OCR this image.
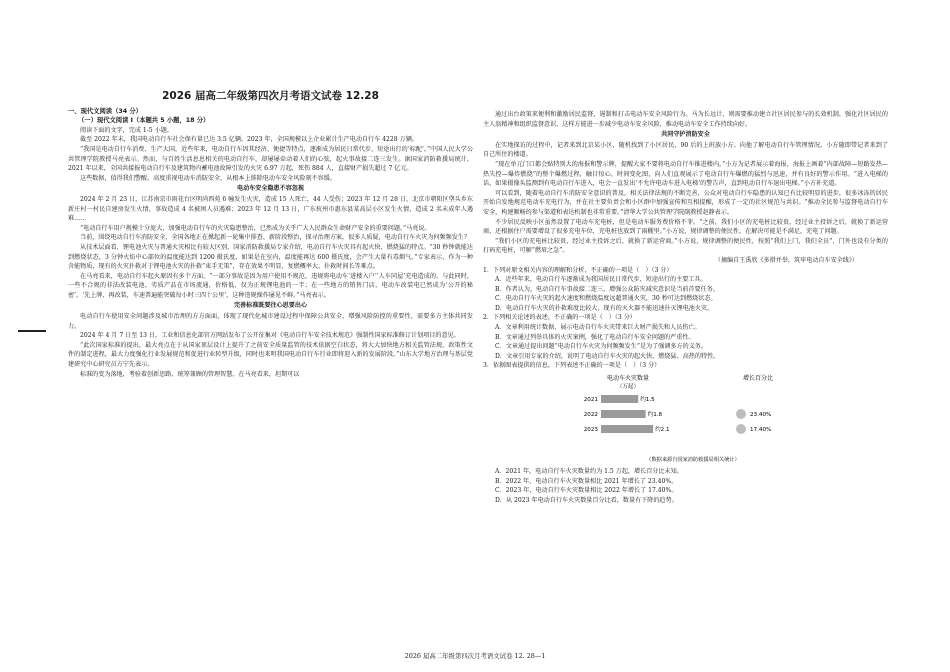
2026 届高二年级第四次月考语文试卷 12.28
一、现代文阅读（34 分）
（一）现代文阅读 I（本题共 5 小题，18 分）

阅读下面的文字，完成 1-5 小题。

截至 2022 年末，我国电动自行车社会保有量已达 3.5 亿辆。2023 年，全国规模以上企业累计生产电动自行车 4228 万辆。

“我国是电动自行车消费、生产大国，近些年来，电动自行车因其经济、便捷等特点，逐渐成为居民日常代步、短途出行的‘标配’。”中国人民大学公共管理学院教授马亮表示。然而，与百姓生活息息相关的电动自行车，却屡屡牵动着人们的心弦，起火事故接二连三发生。据国家消防救援局统计，2021 年以来，全国共接报电动自行车及建筑物内蓄电池故障引发的火灾 6.97 万起，死伤 884 人，直接财产损失超过 7 亿元。

这些数据，值得我们警醒。高度重视电动车消防安全，从根本上排除电动车安全风险刻不容缓。

电动车安全隐患不容忽视

2024 年 2 月 23 日，江苏南京市雨花台区明尚西苑 6 幢发生火灾，造成 15 人死亡，44 人受伤；2023 年 12 月 28 日，北京市朝阳区垡头乡东新庄村一村民自建房发生火情，事故造成 4 名被困人员遇难；2023 年 12 月 13 日，广东杭州市惠东县某高层小区发生火情，造成 2 名未成年人遇难……

“电动自行车用户规模十分庞大，加强电动自行车的火灾隐患整治，已然成为关乎广大人民群众生命财产安全的重要问题。”马亮说。

当前，围绕电动自行车消防安全，全国各地正在掀起新一轮集中排查、新阶段整治，探寻治理方案，很多人质疑，电动自行车火灾为何频频发生？

从技术层面看，锂电池火灾与普通火灾相比有较大区别，国家消防救援局专家介绍，电动自行车火灾具有起火快、燃烧猛的特点。“30 秒钟就能达到燃烧状态，3 分钟火焰中心部位的温度能达到 1200 摄氏度，如果是在室内，温度能再达 600 摄氏度，会产生大量有毒烟气。”专家表示，作为一种含能物质，现有的火灾扑救对于锂电池火灾的扑救“束手无策”，存在效果不明显、复燃概率大、扑救时间长等难点。

在马亮看来，电动自行车起火原因有多个方面。“一部分事故是因为用户使用不规范，违规将电动车‘进楼入户’‘人车同屋’充电造成的。与此同时，一些不合规的非法改装电池、劣质产品在市场流通，价格低、仅为正规锂电池的一半；在一些地方的销售门店，电动车改装电已然成为‘公开的秘密’。‘先上牌、再改装，车速普遍能突破每小时三四十公里’，这种违规操作屡见不鲜。”马亮表示。

完善标准既要往心思要出心

电动自行车使用安全问题涉及城市治理的方方面面，体现了现代化城市建设过程中保障公共安全、增强风险防控的重要性，需要多方主体共同发力。

2024 年 4 月 7 日至 13 日，工业和信息化部官方网站发布了公开征集对《电动自行车安全技术规范》强制性国家标准修订计划项目的意见。

“此次国家标准的提出，最大亮点在于从国家顶层设计上提升了之前安全质量监管的技术依据空白状态，将大大加快地方相关监管法规，政策性文件的制定进程，最大力度强化行业发展规范和促进行业转型升级，同时也来明我国电动自行车行业即将迎入新的发展阶段。”山东大学地方治理与基层党建研究中心研究员方宁先表示。

标准的变为落地，考验着创新思路、统筹兼顾的管理智慧。在马亮看来，坦期可以

通过出台政策来便利和激励居民监督，遏制和打击电动车安全风险行为。马为长远计，则需要推动建立社区居民参与的长效机制，强化社区居民的主人翁精神和组织监督意识，这样方能进一步减少电动车安全风险，推动电动车安全工作持续向好。

共同守护消防安全

在实地探访的过程中，记者来到北京某小区，随机找到了小区居民，90 后的上班族小方。向他了解电动自行车管理情况。小方随即带记者来到了自己所住的楼道。

“现在单元门口都会贴特别大的海报和警示牌，提醒大家不要将电动自行车推进楼内。”小方为记者展示着海报，海报上画着“内部故障—短路发热—热失控—爆炸燃烧”的整个爆燃过程，触目惊心，时间变化图，向人们直观展示了电动自行车爆燃的猛烈与迅速，并有良好的警示作用。“进入电梯的话，如果摄像头监测到有电动自行车进入，电会一直发出‘不允许电动车进入电梯’的警告声，直到电动自行车退出电梯。”小方补充道。

可以看到，随着电动自行车消防安全意识的普及，相关法律法规的不断完善，公众对电动自行车隐患的认知已有比较明显的进步，很多冰冻的居民开始自发地规范电动车充电行为，并在社主要负责会和小区群中加强宣传和互相提醒，形成了一定的社区规范与共识。“推动全民参与监督电动自行车安全，构建顺畅的参与渠道和表达机制也非常重要。”清华大学公共管理学院副教授赵静表示。

不少居民反映小区虽然设置了电动车充电桩，但是电动车服务费价格不菲。“之前，我们小区的充电桩比较贵，经过业主投诉之后，就换了新运营商，还根据住户需要增设了很多充电车位，充电桩也放到了雨棚里。”小方说，规律调整的便民性，在解决可能是不满足，充电了问题。

“我们小区的充电桩比较贵，经过业主投诉之后，就换了新运营商。”小方说，规律调整的便民性，按照“我们上门，我们全员”，门外也设有分类的打码充电桩，可解“燃眉之急”。

（摘编自王禹欣《多措并举，筑牢电动自车安全线》）

1．下列对原文相关内容的理解和分析，不正确的一项是（　）（3 分）

A．近些年来，电动自行车逐渐成为我国居民日常代步、短途出行的主要工具。

B．作者认为，电动自行车事故接二连三，增强公众防灾减灾意识是当前首要任务。

C．电动自行车火灾的起火速度和燃烧温度远超普通火灾，30 秒可达到燃烧状态。

D．电动自行车火灾的扑救难度比较大，现有的灭火器不能迅速扑灭锂电池火灾。

2．下列相关论述的表述，不正确的一项是（　）（3 分）

A．文章利用统计数据，展示电动自行车火灾带来巨大财产损失和人员伤亡。

B．文章通过列举具体的火灾案例，强化了电动自行车安全问题的严重性。

C．文章通过提出问题“电动自行车火灾为何频频发生”是为了强调多方的义务。

D．文章引用专家的介绍，说明了电动自行车火灾的起火快、燃烧猛、高热的特性。

3．依据图表提供的信息，下列表述不正确的一项是（　）（3 分）

电动车火灾数量
（万起）
增长百分比
2021	约1.5
2022	约1.8	23.40%
2023	约2.1	17.40%
（数据来源自国家消防救援局相关统计）

A．2021 年，电动自行车火灾数量约为 1.5 万起，增长百分比未知。

B．2022 年，电动自行车火灾数量相比 2021 年增长了 23.40%。

C．2023 年，电动自行车火灾数量相比 2022 年增长了 17.40%。

D．从 2023 年电动自行车火灾数量百分比看，数量有下降的趋势。

2026 届高二年级第四次月考语文试卷 12. 28—1
